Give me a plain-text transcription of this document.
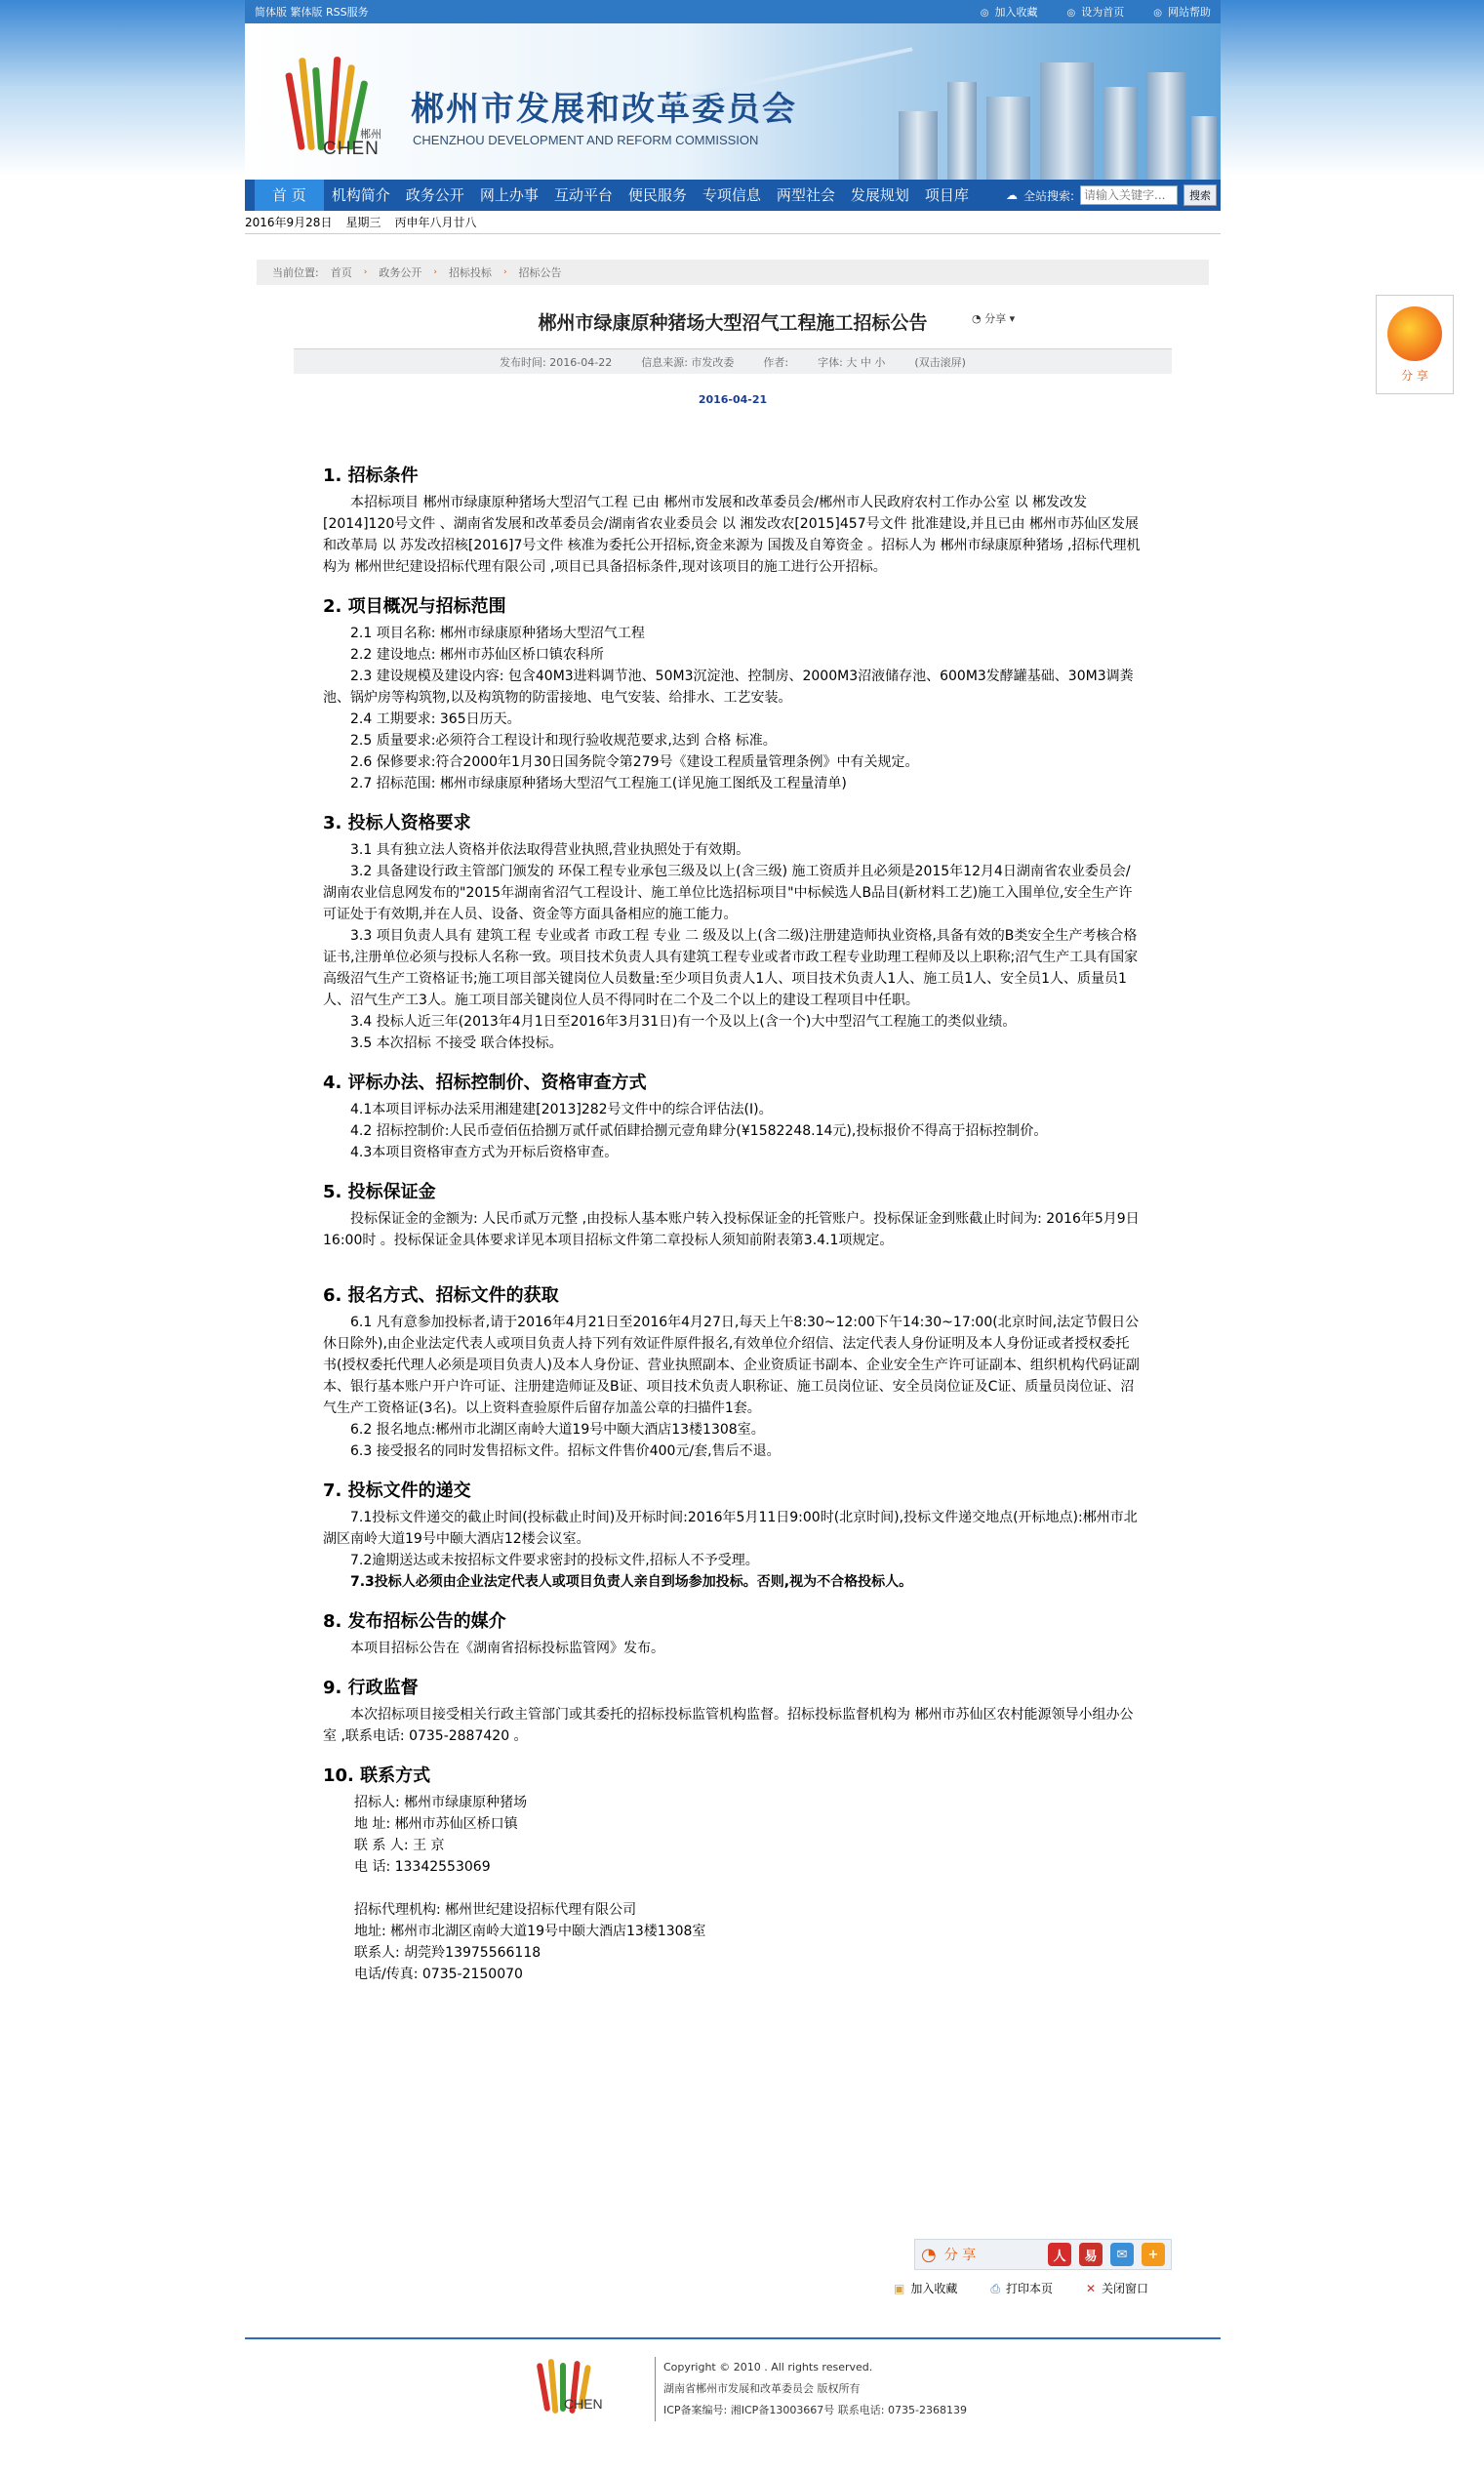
简体版 繁体版 RSS服务	◎ 加入收藏	◎ 设为首页	◎ 网站帮助
郴州
CHEN
郴州市发展和改革委员会
CHENZHOU DEVELOPMENT AND REFORM COMMISSION
首 页	机构简介	政务公开	网上办事	互动平台	便民服务	专项信息	两型社会	发展规划	项目库	☁ 全站搜索:
请输入关键字...	搜索
2016年9月28日 星期三 丙申年八月廿八
当前位置: 首页 › 政务公开 › 招标投标 › 招标公告
郴州市绿康原种猪场大型沼气工程施工招标公告	◔ 分享 ▾
发布时间: 2016-04-22	信息来源: 市发改委	作者:	字体: 大 中 小	(双击滚屏)
2016-04-21
1. 招标条件

本招标项目 郴州市绿康原种猪场大型沼气工程 已由 郴州市发展和改革委员会/郴州市人民政府农村工作办公室 以 郴发改发[2014]120号文件 、湖南省发展和改革委员会/湖南省农业委员会 以 湘发改农[2015]457号文件 批准建设,并且已由 郴州市苏仙区发展和改革局 以 苏发改招核[2016]7号文件 核准为委托公开招标,资金来源为 国拨及自筹资金 。招标人为 郴州市绿康原种猪场 ,招标代理机构为 郴州世纪建设招标代理有限公司 ,项目已具备招标条件,现对该项目的施工进行公开招标。

2. 项目概况与招标范围

2.1 项目名称: 郴州市绿康原种猪场大型沼气工程

2.2 建设地点: 郴州市苏仙区桥口镇农科所

2.3 建设规模及建设内容: 包含40M3进料调节池、50M3沉淀池、控制房、2000M3沼液储存池、600M3发酵罐基础、30M3调粪池、锅炉房等构筑物,以及构筑物的防雷接地、电气安装、给排水、工艺安装。

2.4 工期要求: 365日历天。

2.5 质量要求:必须符合工程设计和现行验收规范要求,达到 合格 标准。

2.6 保修要求:符合2000年1月30日国务院令第279号《建设工程质量管理条例》中有关规定。

2.7 招标范围: 郴州市绿康原种猪场大型沼气工程施工(详见施工图纸及工程量清单)

3. 投标人资格要求

3.1 具有独立法人资格并依法取得营业执照,营业执照处于有效期。

3.2 具备建设行政主管部门颁发的 环保工程专业承包三级及以上(含三级) 施工资质并且必须是2015年12月4日湖南省农业委员会/湖南农业信息网发布的"2015年湖南省沼气工程设计、施工单位比选招标项目"中标候选人B品目(新材料工艺)施工入围单位,安全生产许可证处于有效期,并在人员、设备、资金等方面具备相应的施工能力。

3.3 项目负责人具有 建筑工程 专业或者 市政工程 专业 二 级及以上(含二级)注册建造师执业资格,具备有效的B类安全生产考核合格证书,注册单位必须与投标人名称一致。项目技术负责人具有建筑工程专业或者市政工程专业助理工程师及以上职称;沼气生产工具有国家高级沼气生产工资格证书;施工项目部关键岗位人员数量:至少项目负责人1人、项目技术负责人1人、施工员1人、安全员1人、质量员1人、沼气生产工3人。施工项目部关键岗位人员不得同时在二个及二个以上的建设工程项目中任职。

3.4 投标人近三年(2013年4月1日至2016年3月31日)有一个及以上(含一个)大中型沼气工程施工的类似业绩。

3.5 本次招标 不接受 联合体投标。

4. 评标办法、招标控制价、资格审查方式

4.1本项目评标办法采用湘建建[2013]282号文件中的综合评估法(Ⅰ)。

4.2 招标控制价:人民币壹佰伍拾捌万贰仟贰佰肆拾捌元壹角肆分(¥1582248.14元),投标报价不得高于招标控制价。

4.3本项目资格审查方式为开标后资格审查。

5. 投标保证金

投标保证金的金额为: 人民币贰万元整 ,由投标人基本账户转入投标保证金的托管账户。投标保证金到账截止时间为: 2016年5月9日16:00时 。投标保证金具体要求详见本项目招标文件第二章投标人须知前附表第3.4.1项规定。

6. 报名方式、招标文件的获取

6.1 凡有意参加投标者,请于2016年4月21日至2016年4月27日,每天上午8:30~12:00下午14:30~17:00(北京时间,法定节假日公休日除外),由企业法定代表人或项目负责人持下列有效证件原件报名,有效单位介绍信、法定代表人身份证明及本人身份证或者授权委托书(授权委托代理人必须是项目负责人)及本人身份证、营业执照副本、企业资质证书副本、企业安全生产许可证副本、组织机构代码证副本、银行基本账户开户许可证、注册建造师证及B证、项目技术负责人职称证、施工员岗位证、安全员岗位证及C证、质量员岗位证、沼气生产工资格证(3名)。以上资料查验原件后留存加盖公章的扫描件1套。

6.2 报名地点:郴州市北湖区南岭大道19号中颐大酒店13楼1308室。

6.3 接受报名的同时发售招标文件。招标文件售价400元/套,售后不退。

7. 投标文件的递交

7.1投标文件递交的截止时间(投标截止时间)及开标时间:2016年5月11日9:00时(北京时间),投标文件递交地点(开标地点):郴州市北湖区南岭大道19号中颐大酒店12楼会议室。

7.2逾期送达或未按招标文件要求密封的投标文件,招标人不予受理。

7.3投标人必须由企业法定代表人或项目负责人亲自到场参加投标。否则,视为不合格投标人。

8. 发布招标公告的媒介

本项目招标公告在《湖南省招标投标监管网》发布。

9. 行政监督

本次招标项目接受相关行政主管部门或其委托的招标投标监管机构监督。招标投标监督机构为 郴州市苏仙区农村能源领导小组办公室 ,联系电话: 0735-2887420 。

10. 联系方式

招标人: 郴州市绿康原种猪场

地 址: 郴州市苏仙区桥口镇

联 系 人: 王 京

电 话: 13342553069

招标代理机构: 郴州世纪建设招标代理有限公司

地址: 郴州市北湖区南岭大道19号中颐大酒店13楼1308室

联系人: 胡莞羚13975566118

电话/传真: 0735-2150070

◔ 分 享	人	易	✉	+
▣ 加入收藏	⎙ 打印本页	✕ 关闭窗口
CHEN
Copyright © 2010 . All rights reserved.
湖南省郴州市发展和改革委员会 版权所有
ICP备案编号: 湘ICP备13003667号 联系电话: 0735-2368139
分 享
